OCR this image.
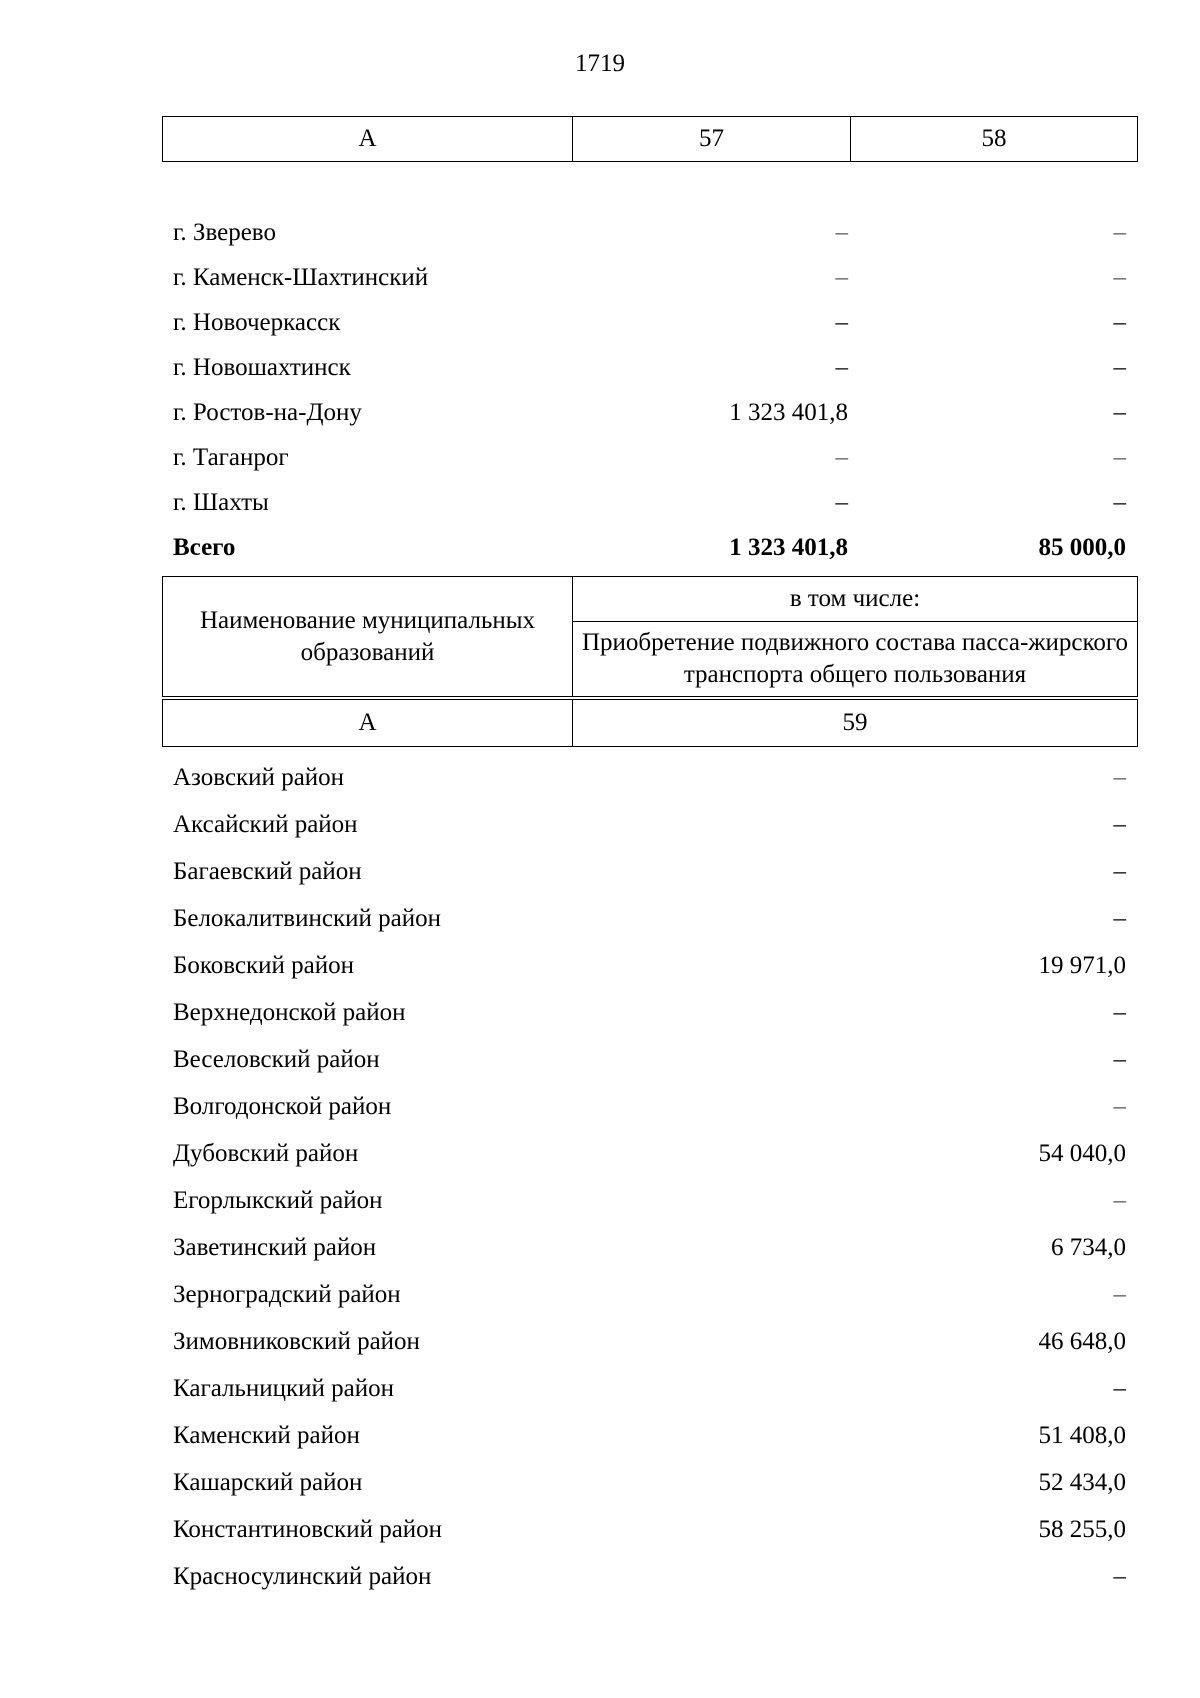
1719
А	57	58
г. Зверево	–	–
г. Каменск-Шахтинский	–	–
г. Новочеркасск	–	–
г. Новошахтинск	–	–
г. Ростов-на-Дону	1 323 401,8	–
г. Таганрог	–	–
г. Шахты	–	–
Всего	1 323 401,8	85 000,0
Наименование муниципальных образований	в том числе:
	Приобретение подвижного состава пасса-жирского транспорта общего пользования

А	59
Азовский район	–
Аксайский район	–
Багаевский район	–
Белокалитвинский район	–
Боковский район	19 971,0
Верхнедонской район	–
Веселовский район	–
Волгодонской район	–
Дубовский район	54 040,0
Егорлыкский район	–
Заветинский район	6 734,0
Зерноградский район	–
Зимовниковский район	46 648,0
Кагальницкий район	–
Каменский район	51 408,0
Кашарский район	52 434,0
Константиновский район	58 255,0
Красносулинский район	–
